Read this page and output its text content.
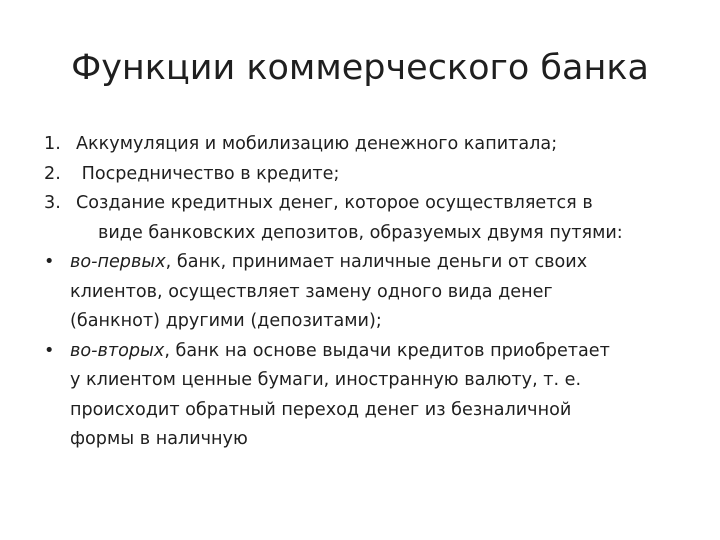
Функции коммерческого банка
1. Аккумуляция и мобилизацию денежного капитала;
2. Посредничество в кредите;
3. Создание кредитных денег, которое осуществляется в
виде банковских депозитов, образуемых двумя путями:
• во-первых, банк, принимает наличные деньги от своих
клиентов, осуществляет замену одного вида денег
(банкнот) другими (депозитами);
• во-вторых, банк на основе выдачи кредитов приобретает
у клиентом ценные бумаги, иностранную валюту, т. е.
происходит обратный переход денег из безналичной
формы в наличную
